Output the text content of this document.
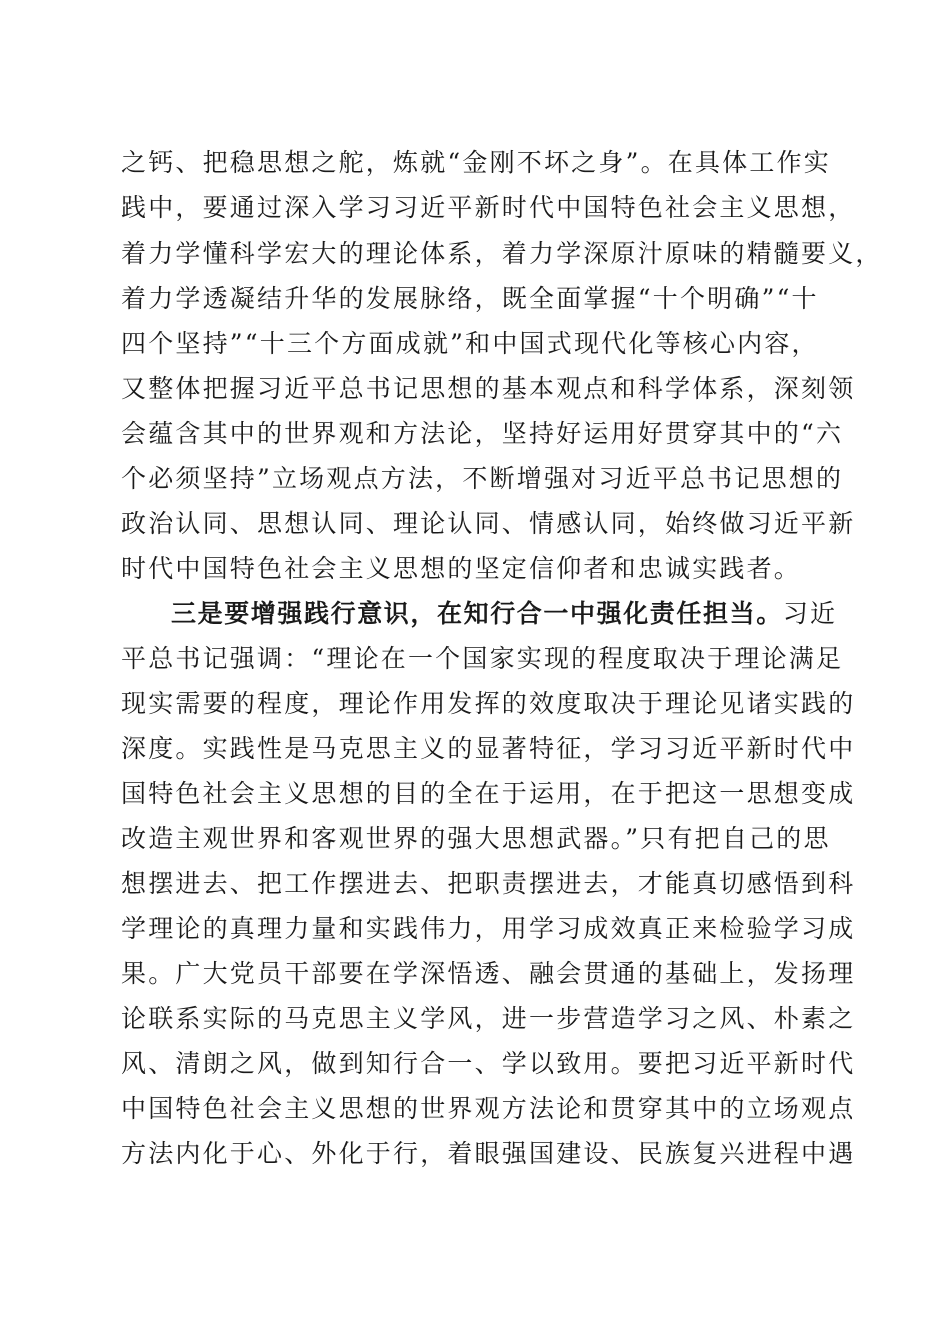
之钙、把稳思想之舵，炼就“金刚不坏之身”。在具体工作实
践中，要通过深入学习习近平新时代中国特色社会主义思想，
着力学懂科学宏大的理论体系，着力学深原汁原味的精髓要义，
着力学透凝结升华的发展脉络，既全面掌握“十个明确”“十
四个坚持”“十三个方面成就”和中国式现代化等核心内容，
又整体把握习近平总书记思想的基本观点和科学体系，深刻领
会蕴含其中的世界观和方法论，坚持好运用好贯穿其中的“六
个必须坚持”立场观点方法，不断增强对习近平总书记思想的
政治认同、思想认同、理论认同、情感认同，始终做习近平新
时代中国特色社会主义思想的坚定信仰者和忠诚实践者。
三是要增强践行意识，在知行合一中强化责任担当。习近
平总书记强调：“理论在一个国家实现的程度取决于理论满足
现实需要的程度，理论作用发挥的效度取决于理论见诸实践的
深度。实践性是马克思主义的显著特征，学习习近平新时代中
国特色社会主义思想的目的全在于运用，在于把这一思想变成
改造主观世界和客观世界的强大思想武器。”只有把自己的思
想摆进去、把工作摆进去、把职责摆进去，才能真切感悟到科
学理论的真理力量和实践伟力，用学习成效真正来检验学习成
果。广大党员干部要在学深悟透、融会贯通的基础上，发扬理
论联系实际的马克思主义学风，进一步营造学习之风、朴素之
风、清朗之风，做到知行合一、学以致用。要把习近平新时代
中国特色社会主义思想的世界观方法论和贯穿其中的立场观点
方法内化于心、外化于行，着眼强国建设、民族复兴进程中遇
